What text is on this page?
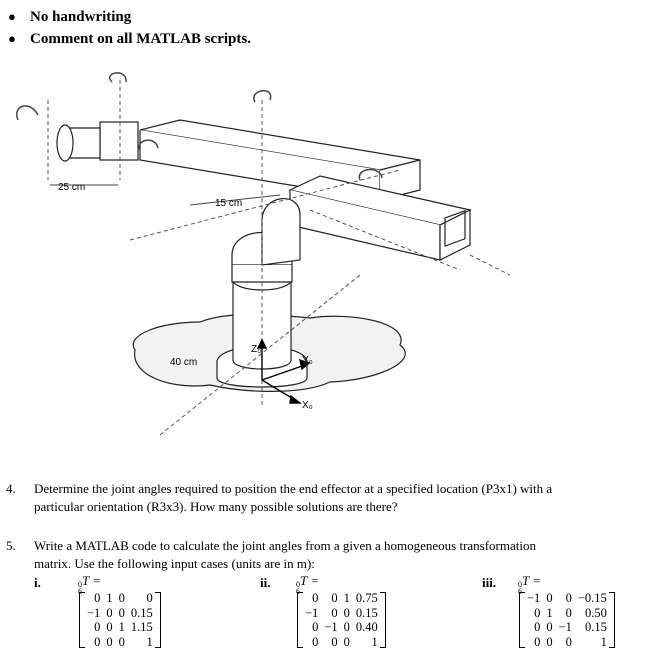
● No handwriting
● Comment on all MATLAB scripts.
25 cm
15 cm
40 cm
Z₀
Y₀
X₀
4. Determine the joint angles required to position the end effector at a specified location (P3x1) with a
particular orientation (R3x3). How many possible solutions are there?
5. Write a MATLAB code to calculate the joint angles from a given a homogeneous transformation
matrix. Use the following input cases (units are in m):
i.	0
6
T =
0	1	0	0
−1	0	0	0.15
0	0	1	1.15
0	0	0	1
ii.	0
6
T =
0	0	1	0.75
−1	0	0	0.15
0	−1	0	0.40
0	0	0	1
iii.	0
6
T =
−1	0	0	−0.15
0	1	0	0.50
0	0	−1	0.15
0	0	0	1
